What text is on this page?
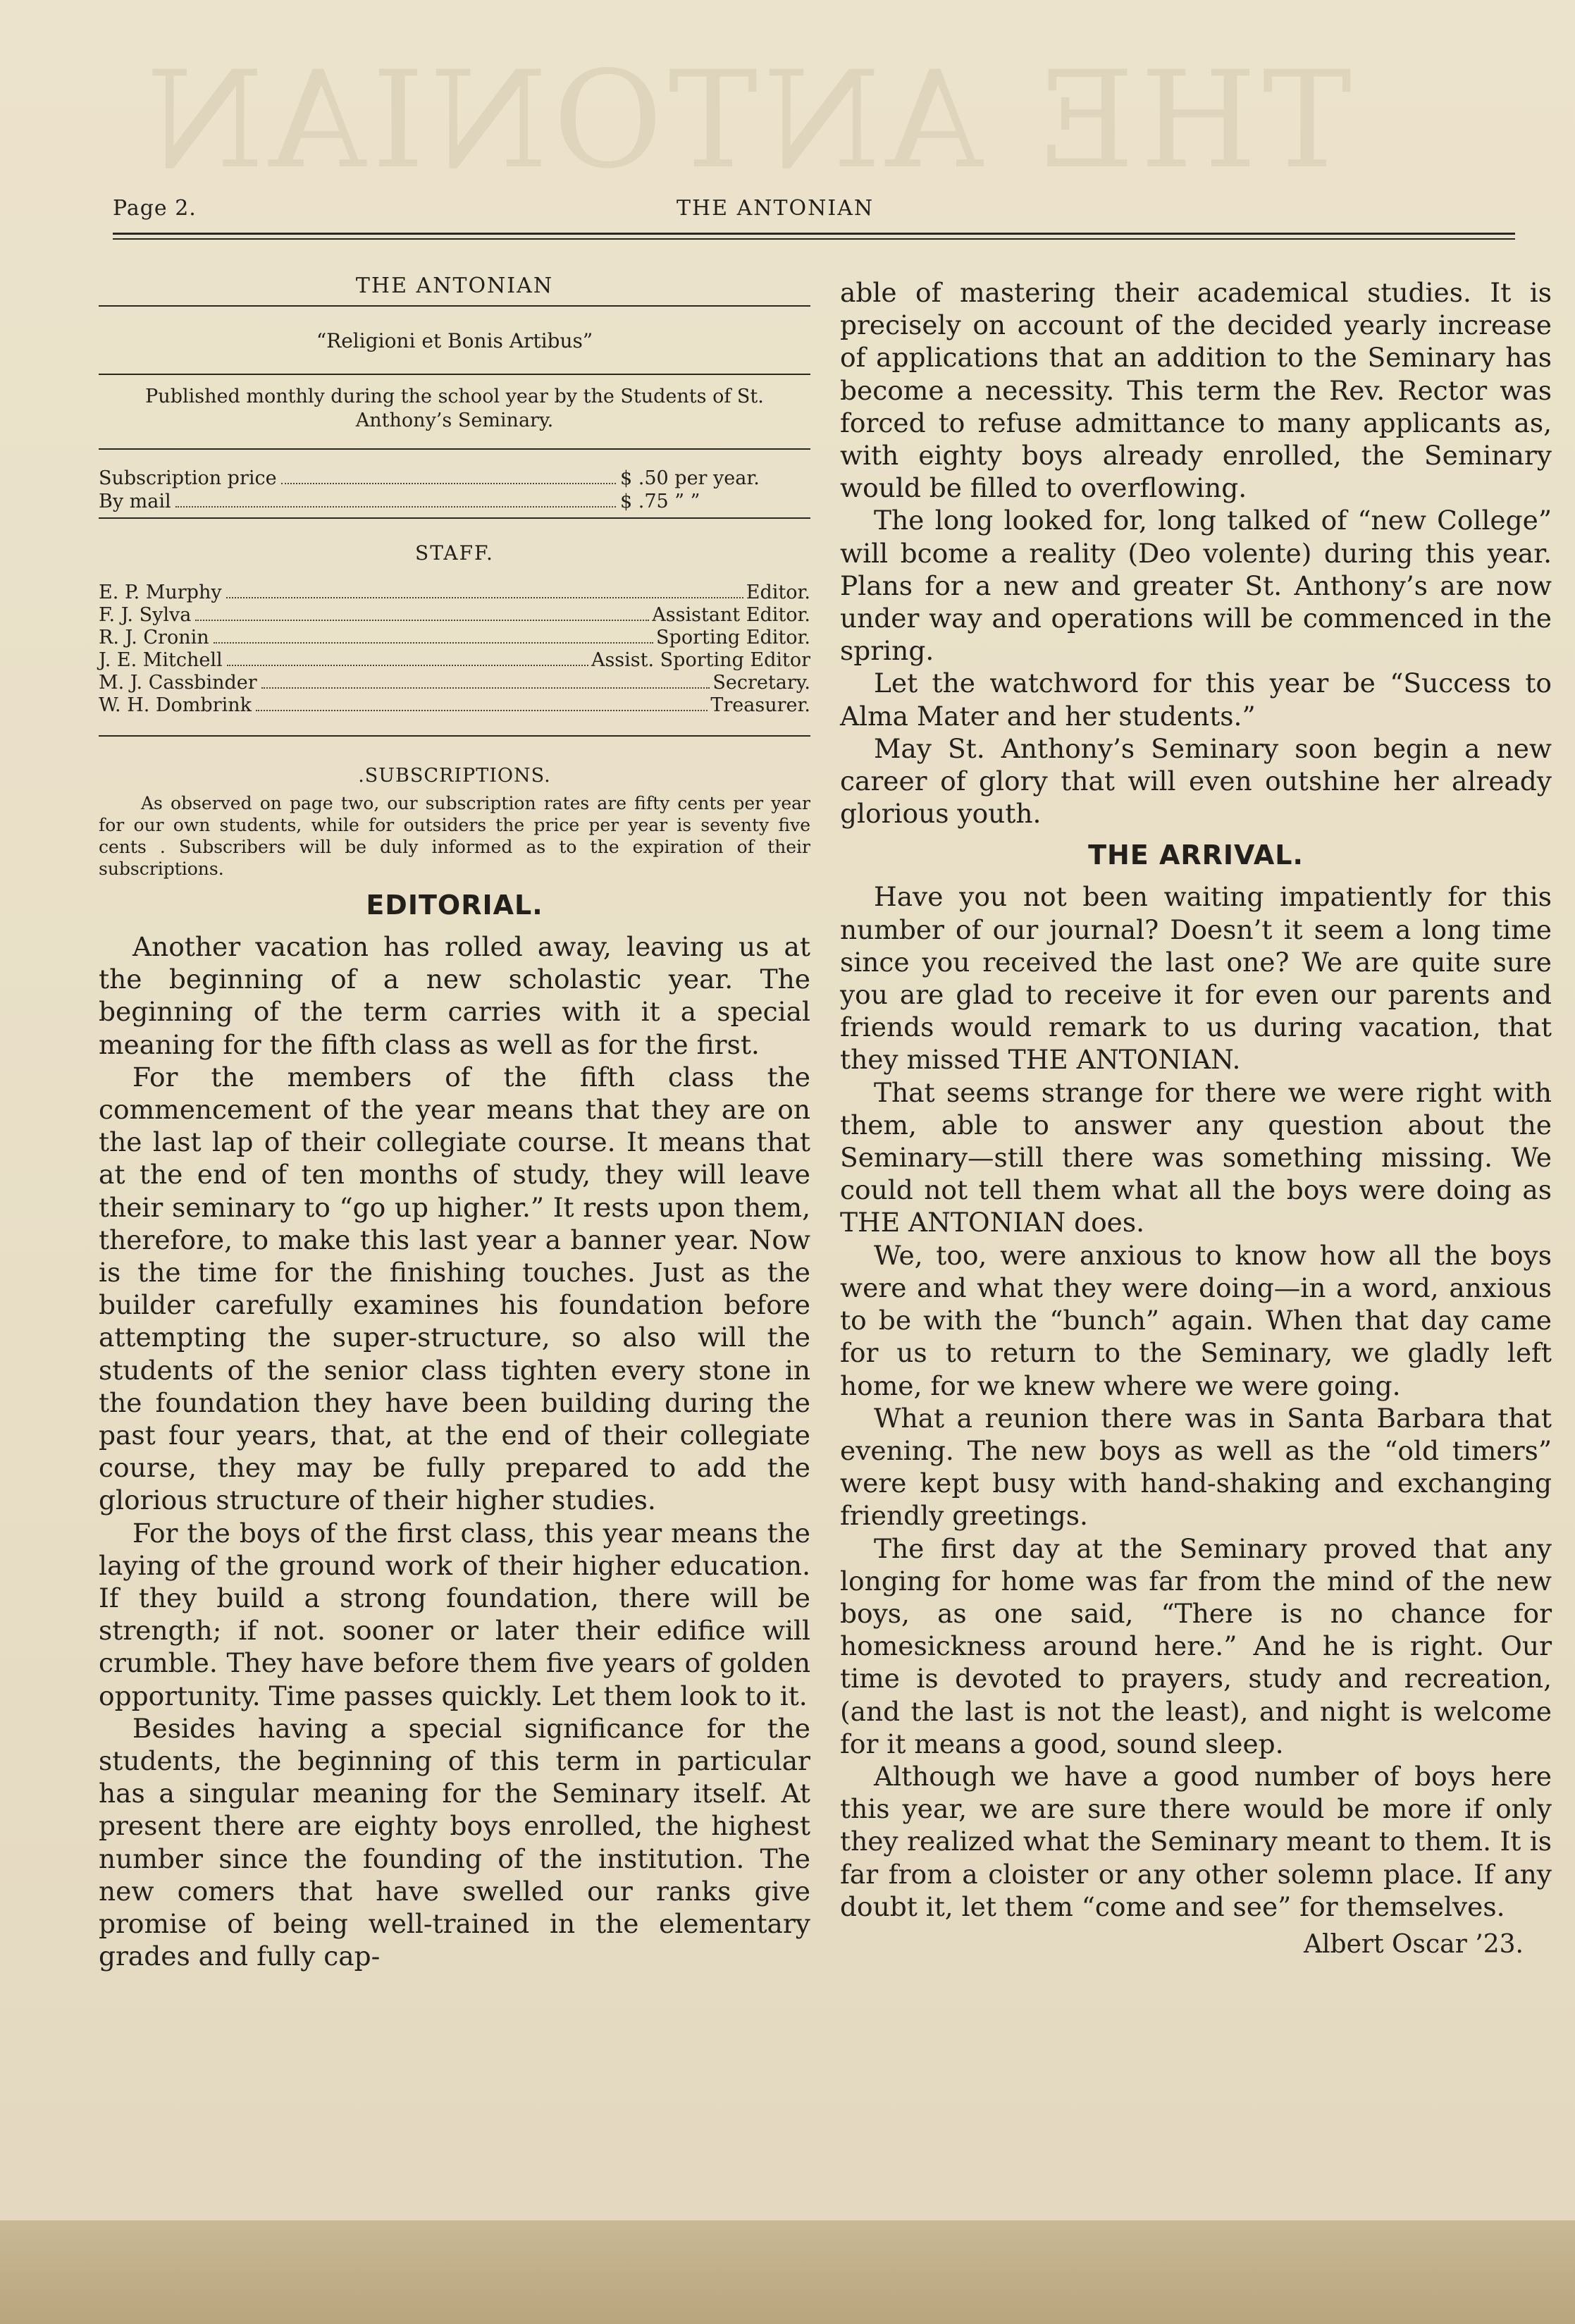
THE ANTONIAN
Page 2.	THE ANTONIAN
THE ANTONIAN
“Religioni et Bonis Artibus”
Published monthly during the school year by the Students of St. Anthony’s Seminary.
Subscription price	$ .50 per year.
By mail	$ .75 ” ”
STAFF.
E. P. Murphy	Editor.
F. J. Sylva	Assistant Editor.
R. J. Cronin	Sporting Editor.
J. E. Mitchell	Assist. Sporting Editor
M. J. Cassbinder	Secretary.
W. H. Dombrink	Treasurer.
.SUBSCRIPTIONS.

As observed on page two, our subscription rates are fifty cents per year for our own students, while for outsiders the price per year is seventy five cents . Subscribers will be duly informed as to the expiration of their subscriptions.

EDITORIAL.

Another vacation has rolled away, leaving us at the beginning of a new scholastic year. The beginning of the term carries with it a special meaning for the fifth class as well as for the first.

For the members of the fifth class the commencement of the year means that they are on the last lap of their collegiate course. It means that at the end of ten months of study, they will leave their seminary to “go up higher.” It rests upon them, therefore, to make this last year a banner year. Now is the time for the finishing touches. Just as the builder carefully examines his foundation before attempting the super-structure, so also will the students of the senior class tighten every stone in the foundation they have been building during the past four years, that, at the end of their collegiate course, they may be fully prepared to add the glorious structure of their higher studies.

For the boys of the first class, this year means the laying of the ground work of their higher education. If they build a strong foundation, there will be strength; if not. sooner or later their edifice will crumble. They have before them five years of golden opportunity. Time passes quickly. Let them look to it.

Besides having a special significance for the students, the beginning of this term in particular has a singular meaning for the Seminary itself. At present there are eighty boys enrolled, the highest number since the founding of the institution. The new comers that have swelled our ranks give promise of being well-trained in the elementary grades and fully cap-

able of mastering their academical studies. It is precisely on account of the decided yearly increase of applications that an addition to the Seminary has become a necessity. This term the Rev. Rector was forced to refuse admittance to many applicants as, with eighty boys already enrolled, the Seminary would be filled to overflowing.

The long looked for, long talked of “new College” will bcome a reality (Deo volente) during this year. Plans for a new and greater St. Anthony’s are now under way and operations will be commenced in the spring.

Let the watchword for this year be “Success to Alma Mater and her students.”

May St. Anthony’s Seminary soon begin a new career of glory that will even outshine her already glorious youth.

THE ARRIVAL.

Have you not been waiting impatiently for this number of our journal? Doesn’t it seem a long time since you received the last one? We are quite sure you are glad to receive it for even our parents and friends would remark to us during vacation, that they missed THE ANTONIAN.

That seems strange for there we were right with them, able to answer any question about the Seminary—still there was something missing. We could not tell them what all the boys were doing as THE ANTONIAN does.

We, too, were anxious to know how all the boys were and what they were doing—in a word, anxious to be with the “bunch” again. When that day came for us to return to the Seminary, we gladly left home, for we knew where we were going.

What a reunion there was in Santa Barbara that evening. The new boys as well as the “old timers” were kept busy with hand-shaking and exchanging friendly greetings.

The first day at the Seminary proved that any longing for home was far from the mind of the new boys, as one said, “There is no chance for homesickness around here.” And he is right. Our time is devoted to prayers, study and recreation, (and the last is not the least), and night is welcome for it means a good, sound sleep.

Although we have a good number of boys here this year, we are sure there would be more if only they realized what the Seminary meant to them. It is far from a cloister or any other solemn place. If any doubt it, let them “come and see” for themselves.

Albert Oscar ’23.
